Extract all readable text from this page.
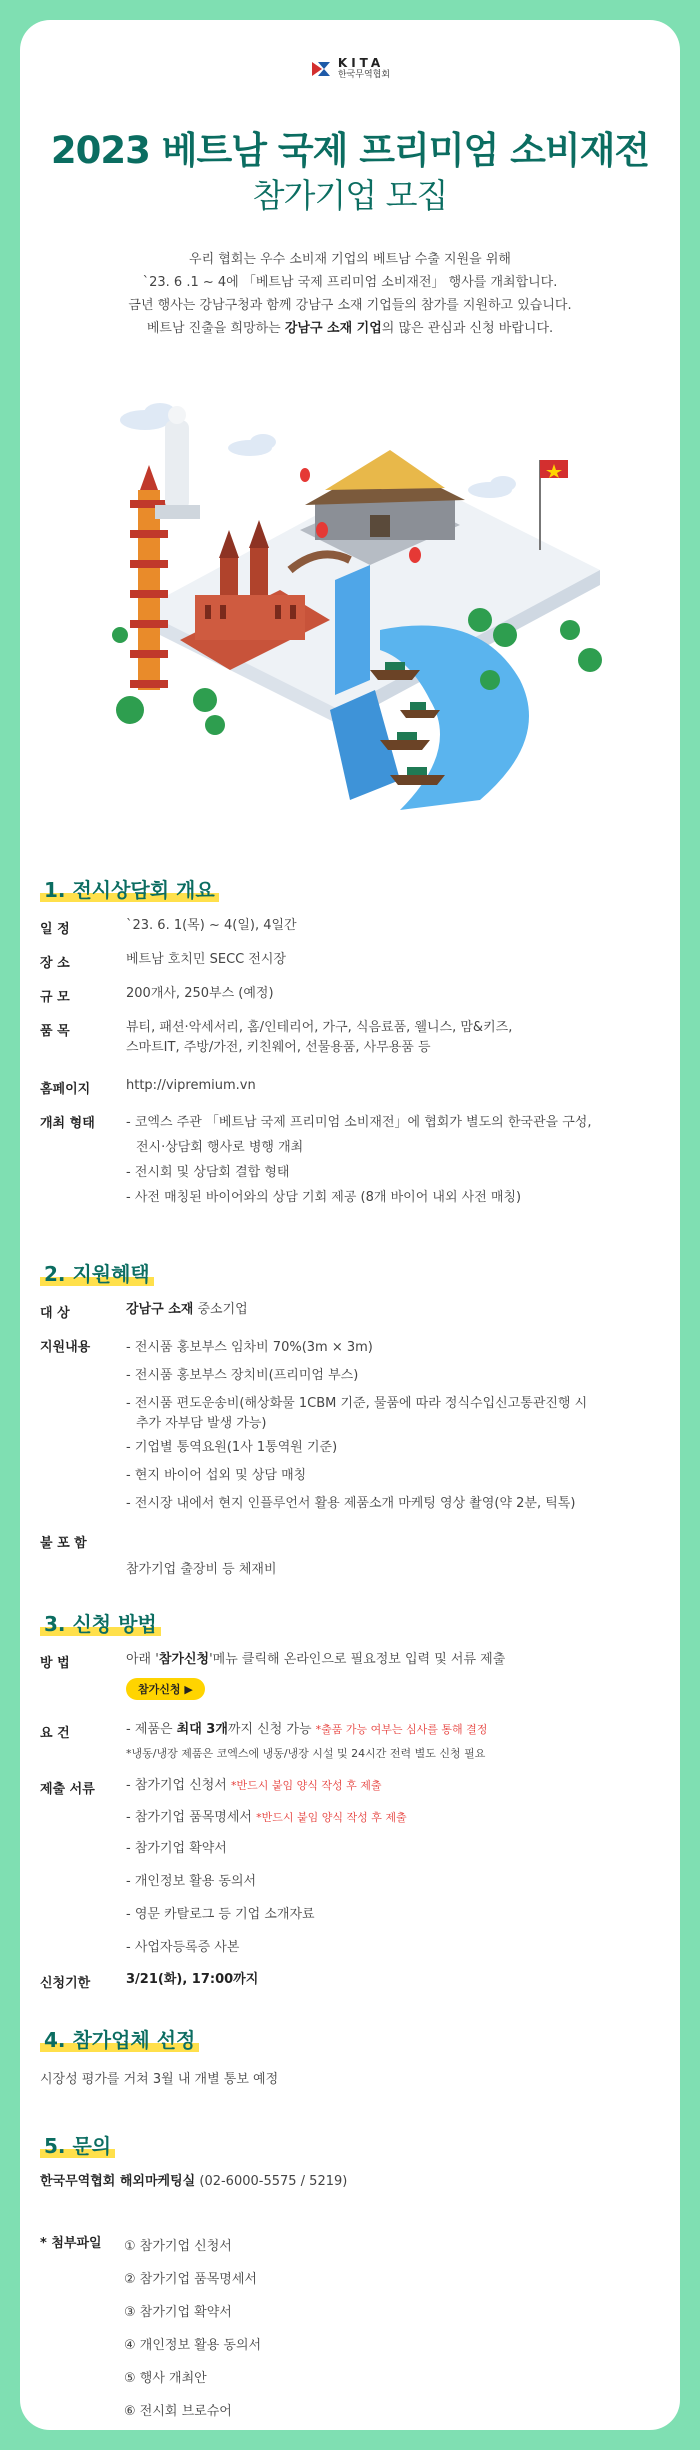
KITA
한국무역협회
2023 베트남 국제 프리미엄 소비재전
참가기업 모집
우리 협회는 우수 소비재 기업의 베트남 수출 지원을 위해
`23. 6 .1 ~ 4에 「베트남 국제 프리미엄 소비재전」 행사를 개최합니다.
금년 행사는 강남구청과 함께 강남구 소재 기업들의 참가를 지원하고 있습니다.
베트남 진출을 희망하는 강남구 소재 기업의 많은 관심과 신청 바랍니다.
1. 전시상담회 개요
일 정	`23. 6. 1(목) ~ 4(일), 4일간
장 소	베트남 호치민 SECC 전시장
규 모	200개사, 250부스 (예정)
품 목	뷰티, 패션·악세서리, 홈/인테리어, 가구, 식음료품, 웰니스, 맘&키즈,
스마트IT, 주방/가전, 키친웨어, 선물용품, 사무용품 등
홈페이지	http://vipremium.vn
개최 형태 - 코엑스 주관 「베트남 국제 프리미엄 소비재전」에 협회가 별도의 한국관을 구성,
전시·상담회 행사로 병행 개최
- 전시회 및 상담회 결합 형태
- 사전 매칭된 바이어와의 상담 기회 제공 (8개 바이어 내외 사전 매칭)
2. 지원혜택
대 상	강남구 소재 중소기업
지원내용	- 전시품 홍보부스 임차비 70%(3m × 3m)
- 전시품 홍보부스 장치비(프리미엄 부스)
- 전시품 편도운송비(해상화물 1CBM 기준, 물품에 따라 정식수입신고통관진행 시
추가 자부담 발생 가능)
- 기업별 통역요원(1사 1통역원 기준)
- 현지 바이어 섭외 및 상담 매칭
- 전시장 내에서 현지 인플루언서 활용 제품소개 마케팅 영상 촬영(약 2분, 틱톡)
불 포 함
참가기업 출장비 등 체재비
3. 신청 방법
방 법	아래 '참가신청'메뉴 클릭해 온라인으로 필요정보 입력 및 서류 제출
참가신청 ▶
요 건	- 제품은 최대 3개까지 신청 가능 *출품 가능 여부는 심사를 통해 결정
*냉동/냉장 제품은 코엑스에 냉동/냉장 시설 및 24시간 전력 별도 신청 필요
제출 서류 - 참가기업 신청서 *반드시 붙임 양식 작성 후 제출
- 참가기업 품목명세서 *반드시 붙임 양식 작성 후 제출
- 참가기업 확약서
- 개인정보 활용 동의서
- 영문 카탈로그 등 기업 소개자료
- 사업자등록증 사본
신청기한	3/21(화), 17:00까지
4. 참가업체 선정
시장성 평가를 거쳐 3월 내 개별 통보 예정
5. 문의
한국무역협회 해외마케팅실 (02-6000-5575 / 5219)
* 첨부파일 ① 참가기업 신청서
② 참가기업 품목명세서
③ 참가기업 확약서
④ 개인정보 활용 동의서
⑤ 행사 개최안
⑥ 전시회 브로슈어
